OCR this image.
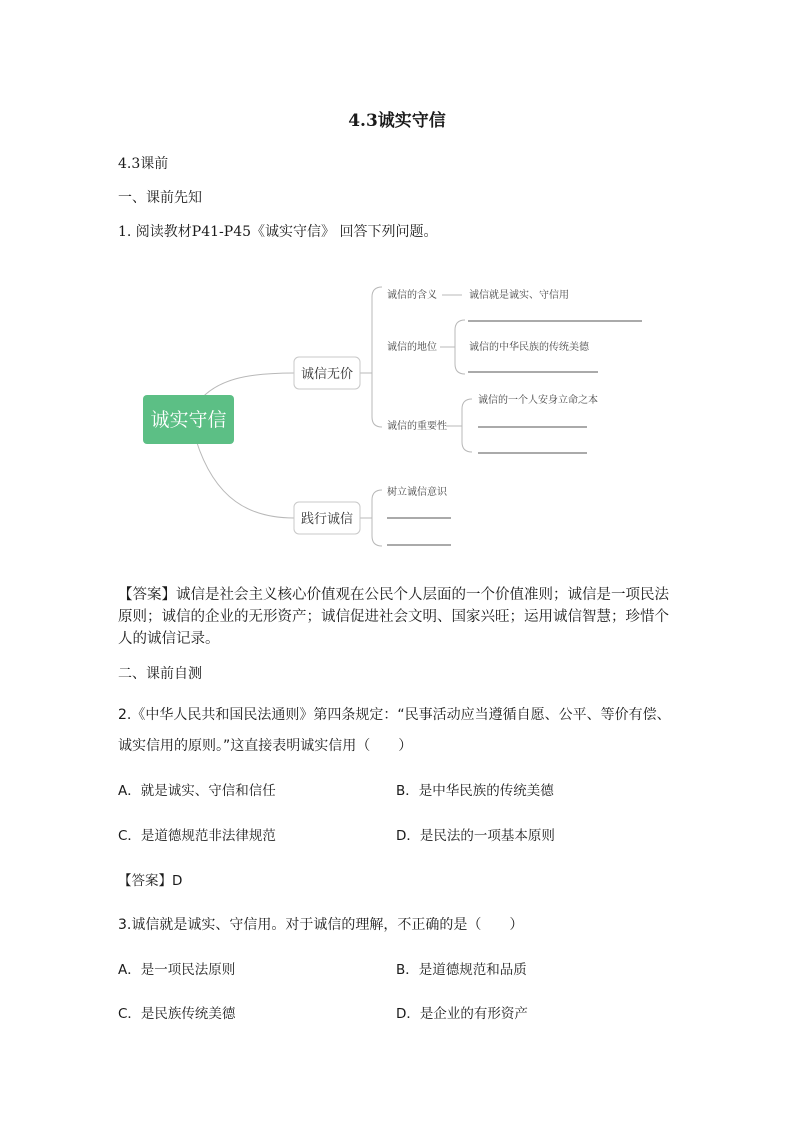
4.3诚实守信
4.3课前
一、课前先知
1. 阅读教材P41-P45《诚实守信》 回答下列问题。
诚实守信
诚信无价
践行诚信
诚信的含义	诚信就是诚实、守信用
诚信的地位	诚信的中华民族的传统美德
诚信的重要性
诚信的一个人安身立命之本
树立诚信意识
【答案】诚信是社会主义核心价值观在公民个人层面的一个价值准则；诚信是一项民法原则；诚信的企业的无形资产；诚信促进社会文明、国家兴旺；运用诚信智慧；珍惜个人的诚信记录。
二、课前自测
2.《中华人民共和国民法通则》第四条规定：“民事活动应当遵循自愿、公平、等价有偿、
诚实信用的原则。”这直接表明诚实信用（　　）
A．就是诚实、守信和信任	B．是中华民族的传统美德
C．是道德规范非法律规范	D．是民法的一项基本原则
【答案】D
3.诚信就是诚实、守信用。对于诚信的理解，不正确的是（　　）
A．是一项民法原则	B．是道德规范和品质
C．是民族传统美德	D．是企业的有形资产
